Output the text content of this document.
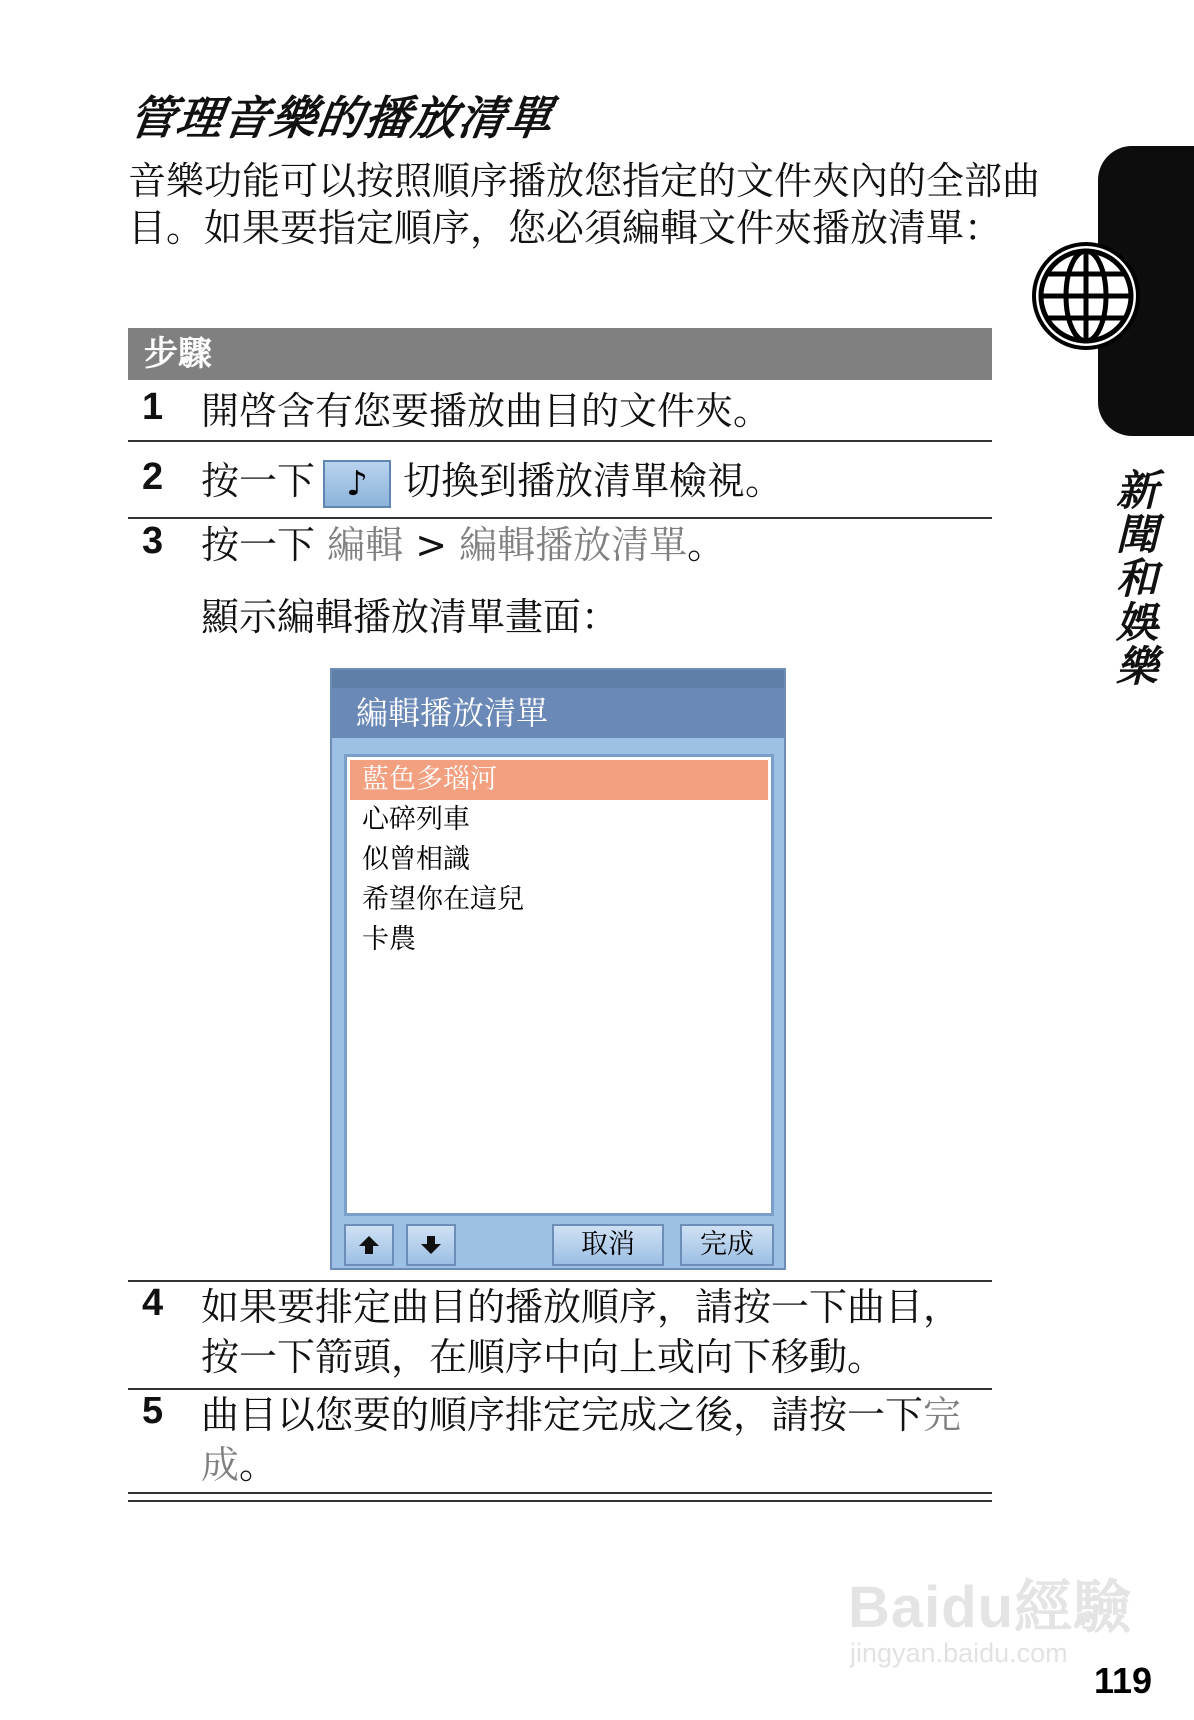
管理音樂的播放清單

音樂功能可以按照順序播放您指定的文件夾內的全部曲目。如果要指定順序，您必須編輯文件夾播放清單：

步驟
1 開啓含有您要播放曲目的文件夾。
2 按一下 ♪ 切換到播放清單檢視。
3 按一下 編輯 > 編輯播放清單。
顯示編輯播放清單畫面：
編輯播放清單
藍色多瑙河
心碎列車
似曾相識
希望你在這兒
卡農
取消	完成
4 如果要排定曲目的播放順序，請按一下曲目，按一下箭頭，在順序中向上或向下移動。
5 曲目以您要的順序排定完成之後，請按一下完成。
新聞和娛樂
Baidu經驗
jingyan.baidu.com
119
